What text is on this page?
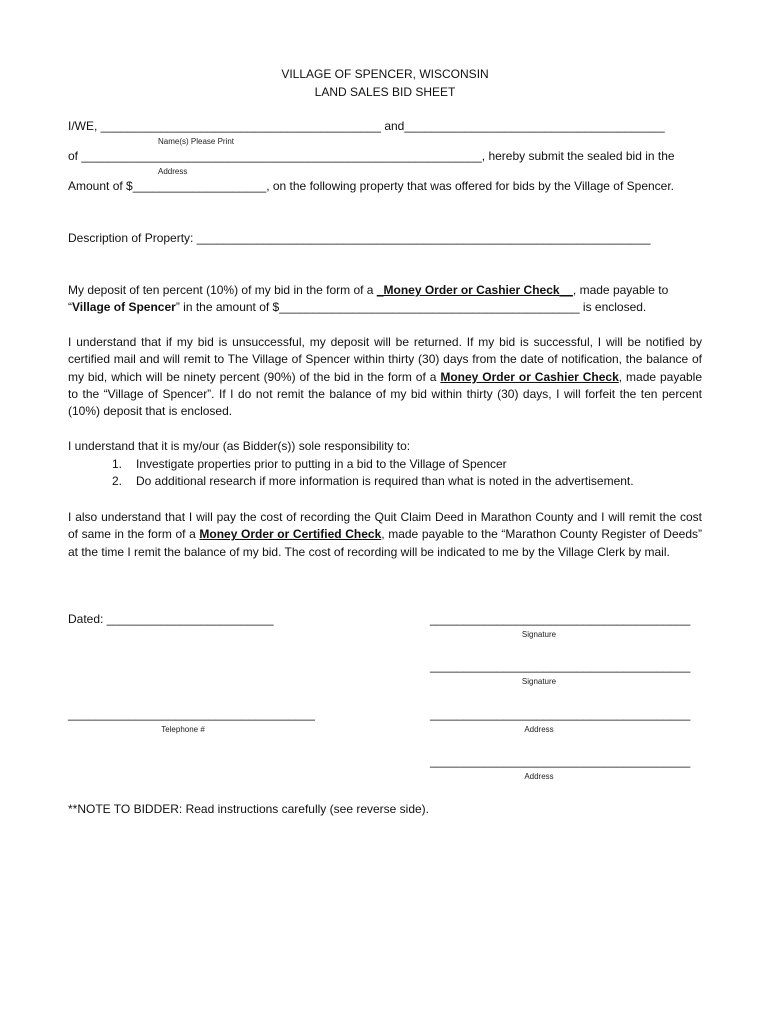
VILLAGE OF SPENCER, WISCONSIN
LAND SALES BID SHEET
I/WE, __________________________________________ and_______________________________________
Name(s) Please Print
of ____________________________________________________________, hereby submit the sealed bid in the
Address
Amount of $____________________, on the following property that was offered for bids by the Village of Spencer.
Description of Property: ____________________________________________________________________
My deposit of ten percent (10%) of my bid in the form of a _Money Order or Cashier Check__, made payable to
“Village of Spencer” in the amount of $_____________________________________________ is enclosed.
I understand that if my bid is unsuccessful, my deposit will be returned. If my bid is successful, I will be notified by certified mail and will remit to The Village of Spencer within thirty (30) days from the date of notification, the balance of my bid, which will be ninety percent (90%) of the bid in the form of a Money Order or Cashier Check, made payable to the “Village of Spencer”. If I do not remit the balance of my bid within thirty (30) days, I will forfeit the ten percent (10%) deposit that is enclosed.
I understand that it is my/our (as Bidder(s)) sole responsibility to:
1. Investigate properties prior to putting in a bid to the Village of Spencer
2. Do additional research if more information is required than what is noted in the advertisement.
I also understand that I will pay the cost of recording the Quit Claim Deed in Marathon County and I will remit the cost of same in the form of a Money Order or Certified Check, made payable to the “Marathon County Register of Deeds” at the time I remit the balance of my bid. The cost of recording will be indicated to me by the Village Clerk by mail.
Dated: _________________________	_______________________________________
Signature
_______________________________________
Signature
_____________________________________
Telephone #
_______________________________________
Address
_______________________________________
Address
**NOTE TO BIDDER: Read instructions carefully (see reverse side).
